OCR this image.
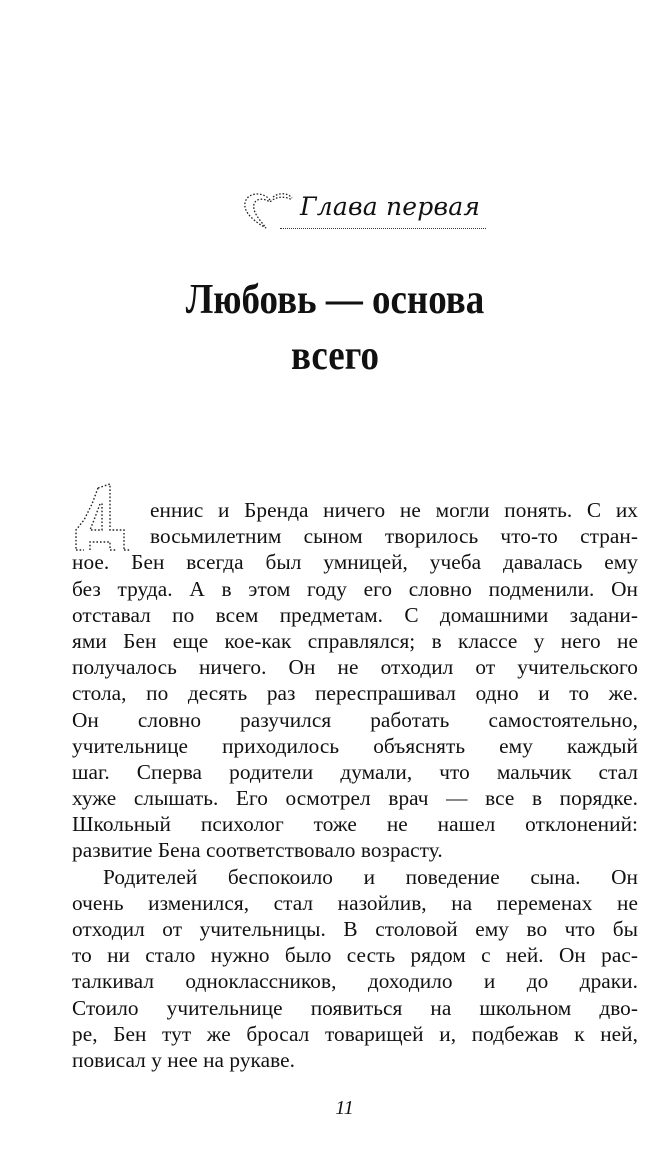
Глава первая
Любовь — основа
всего
еннис и Бренда ничего не могли понять. С их
восьмилетним сыном творилось что-то стран-
ное. Бен всегда был умницей, учеба давалась ему
без труда. А в этом году его словно подменили. Он
отставал по всем предметам. С домашними задани-
ями Бен еще кое-как справлялся; в классе у него не
получалось ничего. Он не отходил от учительского
стола, по десять раз переспрашивал одно и то же.
Он словно разучился работать самостоятельно,
учительнице приходилось объяснять ему каждый
шаг. Сперва родители думали, что мальчик стал
хуже слышать. Его осмотрел врач — все в порядке.
Школьный психолог тоже не нашел отклонений:
развитие Бена соответствовало возрасту.
Родителей беспокоило и поведение сына. Он
очень изменился, стал назойлив, на переменах не
отходил от учительницы. В столовой ему во что бы
то ни стало нужно было сесть рядом с ней. Он рас-
талкивал одноклассников, доходило и до драки.
Стоило учительнице появиться на школьном дво-
ре, Бен тут же бросал товарищей и, подбежав к ней,
повисал у нее на рукаве.
11
